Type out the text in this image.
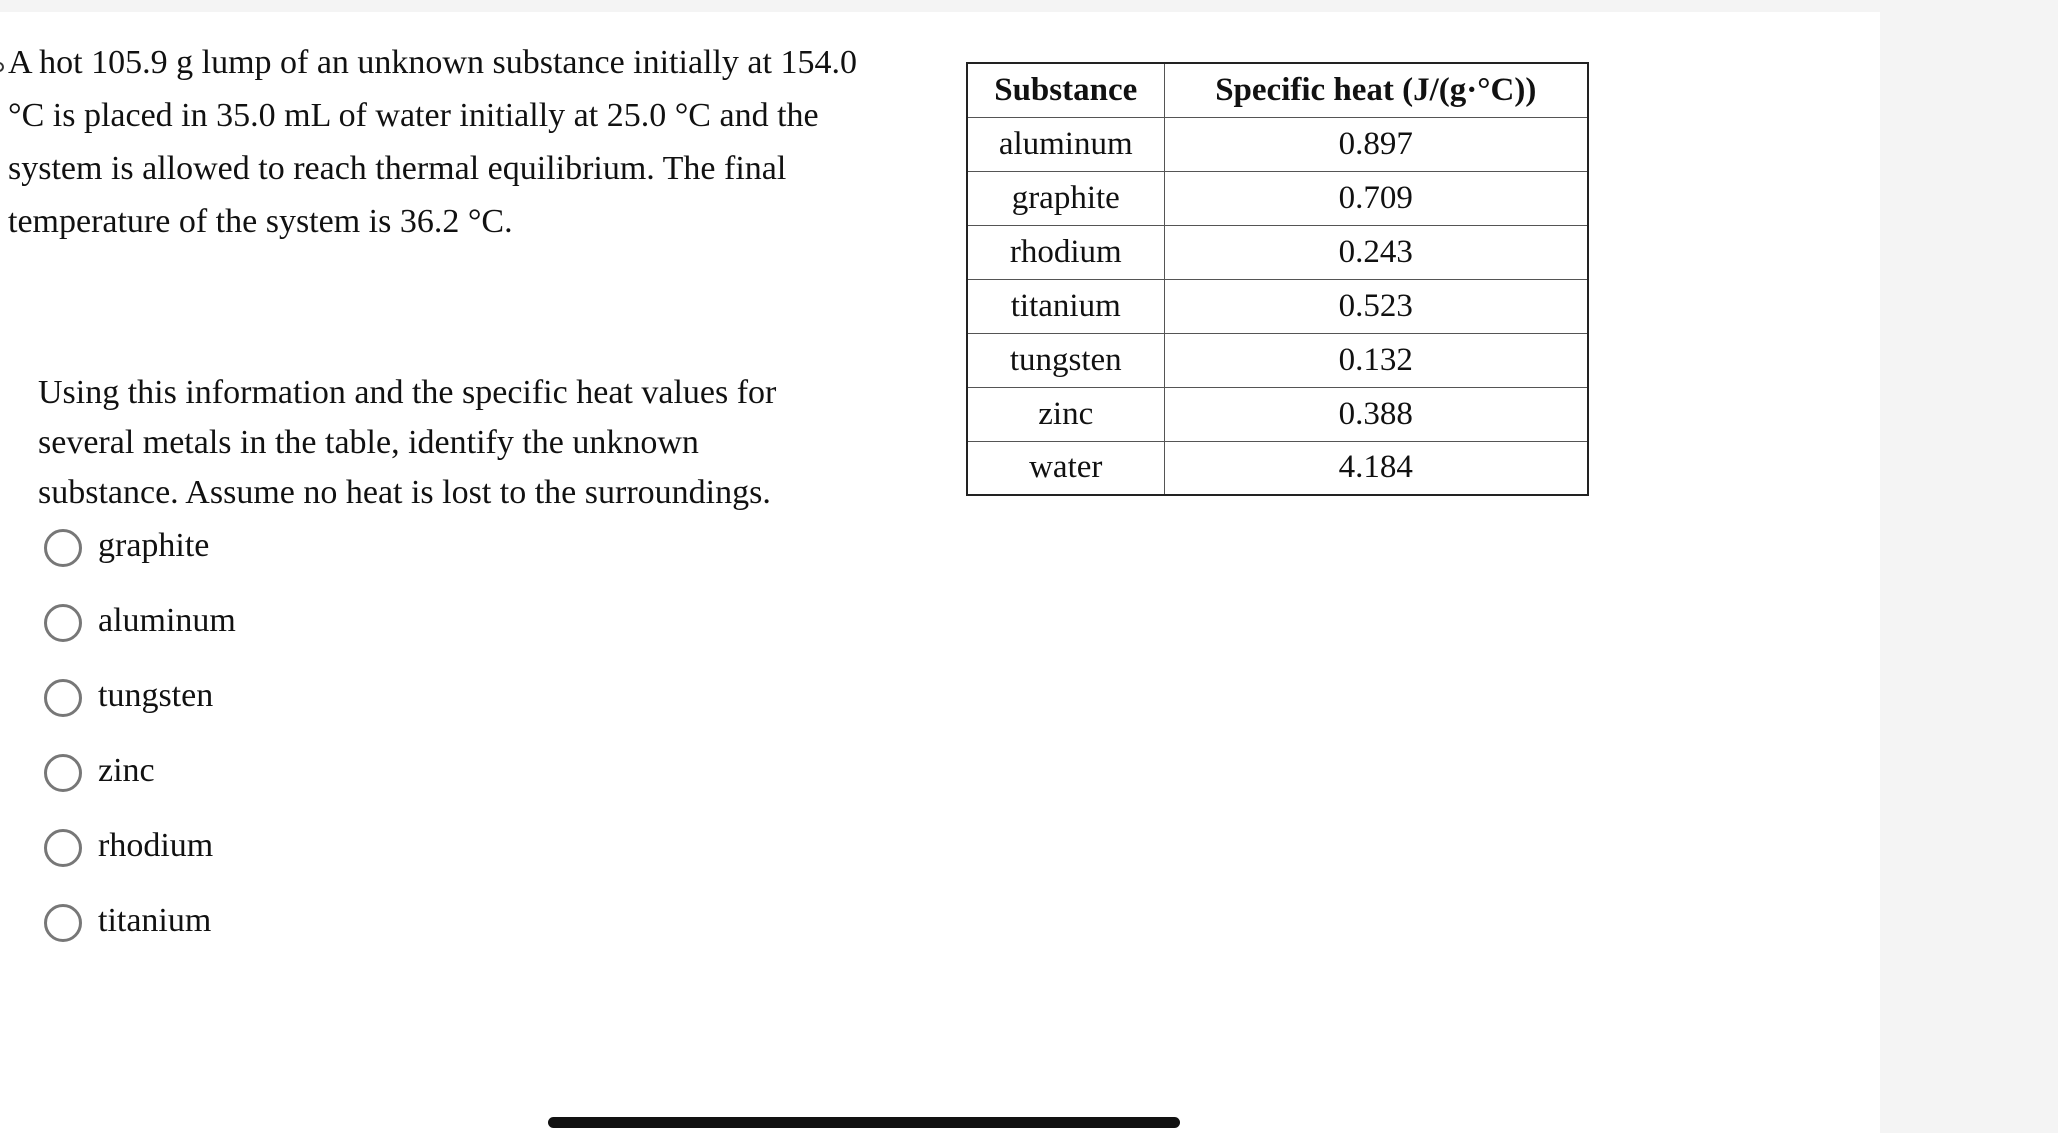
A hot 105.9 g lump of an unknown substance initially at 154.0 °C is placed in 35.0 mL of water initially at 25.0 °C and the system is allowed to reach thermal equilibrium. The final temperature of the system is 36.2 °C.

Using this information and the specific heat values for several metals in the table, identify the unknown substance. Assume no heat is lost to the surroundings.

graphite
aluminum
tungsten
zinc
rhodium
titanium
Substance	Specific heat (J/(g·°C))
aluminum	0.897
graphite	0.709
rhodium	0.243
titanium	0.523
tungsten	0.132
zinc	0.388
water	4.184
